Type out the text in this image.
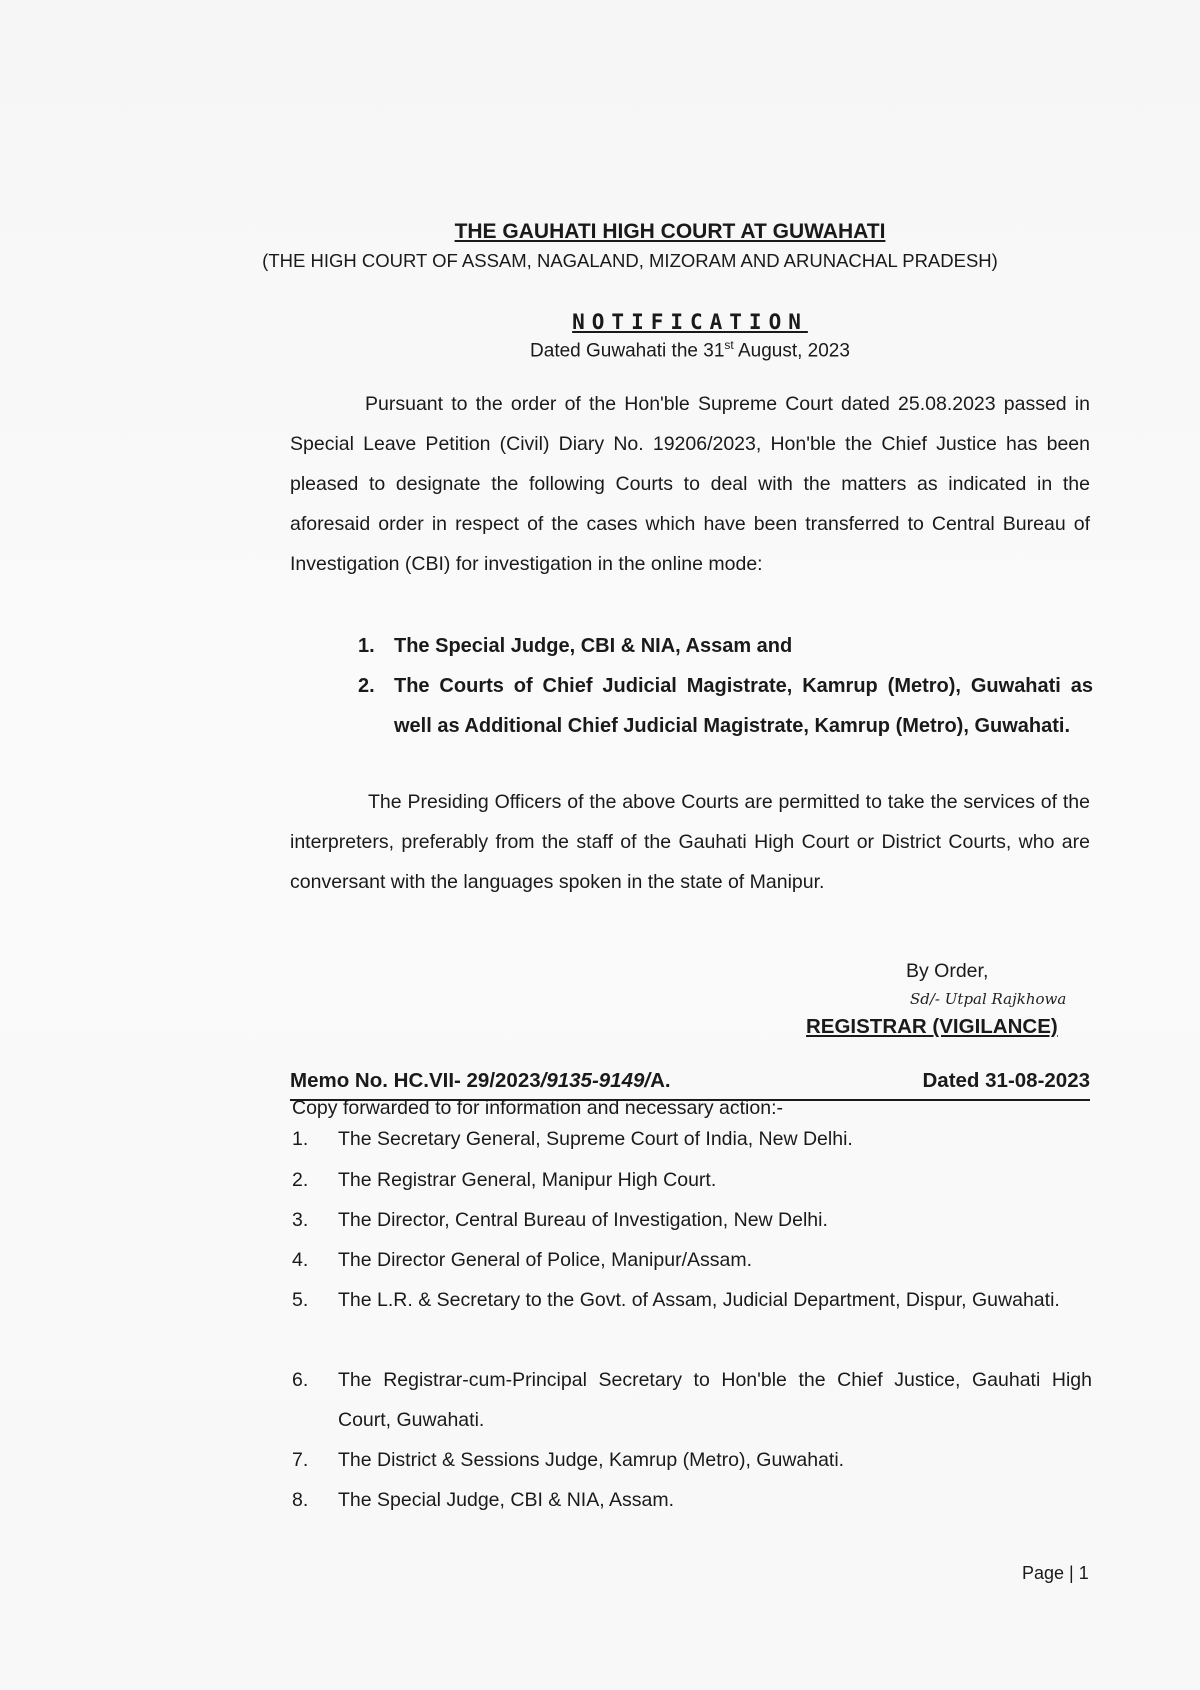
THE GAUHATI HIGH COURT AT GUWAHATI
(THE HIGH COURT OF ASSAM, NAGALAND, MIZORAM AND ARUNACHAL PRADESH)
NOTIFICATION
Dated Guwahati the 31st August, 2023
Pursuant to the order of the Hon'ble Supreme Court dated 25.08.2023 passed in Special Leave Petition (Civil) Diary No. 19206/2023, Hon'ble the Chief Justice has been pleased to designate the following Courts to deal with the matters as indicated in the aforesaid order in respect of the cases which have been transferred to Central Bureau of Investigation (CBI) for investigation in the online mode:
1. The Special Judge, CBI & NIA, Assam and
2. The Courts of Chief Judicial Magistrate, Kamrup (Metro), Guwahati as well as Additional Chief Judicial Magistrate, Kamrup (Metro), Guwahati.
The Presiding Officers of the above Courts are permitted to take the services of the interpreters, preferably from the staff of the Gauhati High Court or District Courts, who are conversant with the languages spoken in the state of Manipur.
By Order,
Sd/- Utpal Rajkhowa
REGISTRAR (VIGILANCE)
Memo No. HC.VII- 29/2023/9135-9149/A.	Dated 31-08-2023
Copy forwarded to for information and necessary action:-
1. The Secretary General, Supreme Court of India, New Delhi.
2. The Registrar General, Manipur High Court.
3. The Director, Central Bureau of Investigation, New Delhi.
4. The Director General of Police, Manipur/Assam.
5. The L.R. & Secretary to the Govt. of Assam, Judicial Department, Dispur, Guwahati.
6. The Registrar-cum-Principal Secretary to Hon'ble the Chief Justice, Gauhati High Court, Guwahati.
7. The District & Sessions Judge, Kamrup (Metro), Guwahati.
8. The Special Judge, CBI & NIA, Assam.
Page | 1
